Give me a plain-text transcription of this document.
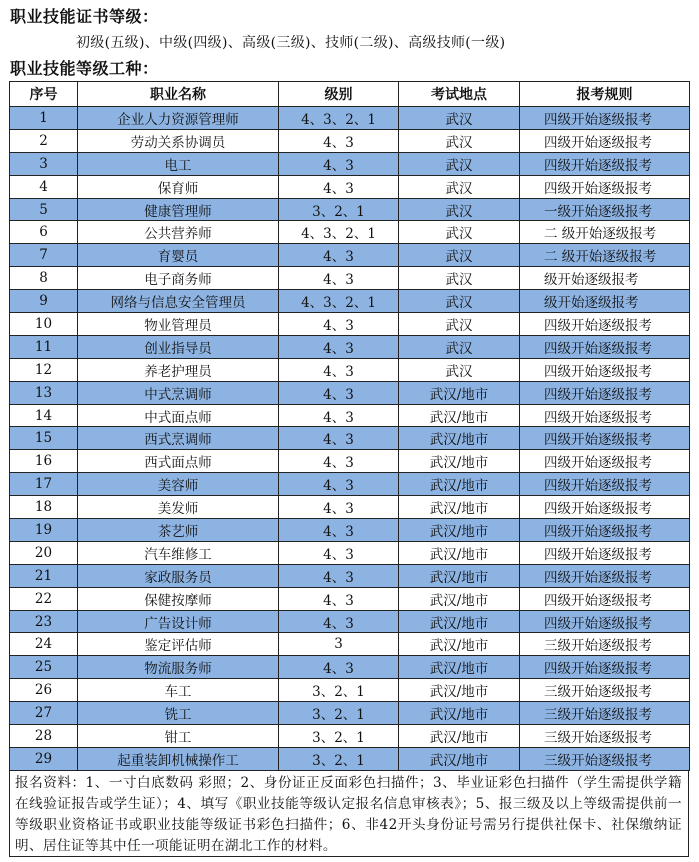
职业技能证书等级：
初级(五级)、中级(四级)、高级(三级)、技师(二级)、高级技师(一级)
职业技能等级工种：
序号	职业名称	级别	考试地点	报考规则
1	企业人力资源管理师	4、3、2、1	武汉	四级开始逐级报考
2	劳动关系协调员	4、3	武汉	四级开始逐级报考
3	电工	4、3	武汉	四级开始逐级报考
4	保育师	4、3	武汉	四级开始逐级报考
5	健康管理师	3、2、1	武汉	一级开始逐级报考
6	公共营养师	4、3、2、1	武汉	二 级开始逐级报考
7	育婴员	4、3	武汉	二 级开始逐级报考
8	电子商务师	4、3	武汉	级开始逐级报考
9	网络与信息安全管理员	4、3、2、1	武汉	级开始逐级报考
10	物业管理员	4、3	武汉	四级开始逐级报考
11	创业指导员	4、3	武汉	四级开始逐级报考
12	养老护理员	4、3	武汉	四级开始逐级报考
13	中式烹调师	4、3	武汉/地市	四级开始逐级报考
14	中式面点师	4、3	武汉/地市	四级开始逐级报考
15	西式烹调师	4、3	武汉/地市	四级开始逐级报考
16	西式面点师	4、3	武汉/地市	四级开始逐级报考
17	美容师	4、3	武汉/地市	四级开始逐级报考
18	美发师	4、3	武汉/地市	四级开始逐级报考
19	茶艺师	4、3	武汉/地市	四级开始逐级报考
20	汽车维修工	4、3	武汉/地市	四级开始逐级报考
21	家政服务员	4、3	武汉/地市	四级开始逐级报考
22	保健按摩师	4、3	武汉/地市	四级开始逐级报考
23	广告设计师	4、3	武汉/地市	四级开始逐级报考
24	鉴定评估师	3	武汉/地市	三级开始逐级报考
25	物流服务师	4、3	武汉/地市	四级开始逐级报考
26	车工	3、2、1	武汉/地市	三级开始逐级报考
27	铣工	3、2、1	武汉/地市	三级开始逐级报考
28	钳工	3、2、1	武汉/地市	三级开始逐级报考
29	起重装卸机械操作工	3、2、1	武汉/地市	三级开始逐级报考
报名资料：1、一寸白底数码 彩照；2、身份证正反面彩色扫描件；3、毕业证彩色扫描件（学生需提供学籍在线验证报告或学生证）；4、填写《职业技能等级认定报名信息审核表》；5、报三级及以上等级需提供前一等级职业资格证书或职业技能等级证书彩色扫描件；6、非42开头身份证号需另行提供社保卡、社保缴纳证明、居住证等其中任一项能证明在湖北工作的材料。
